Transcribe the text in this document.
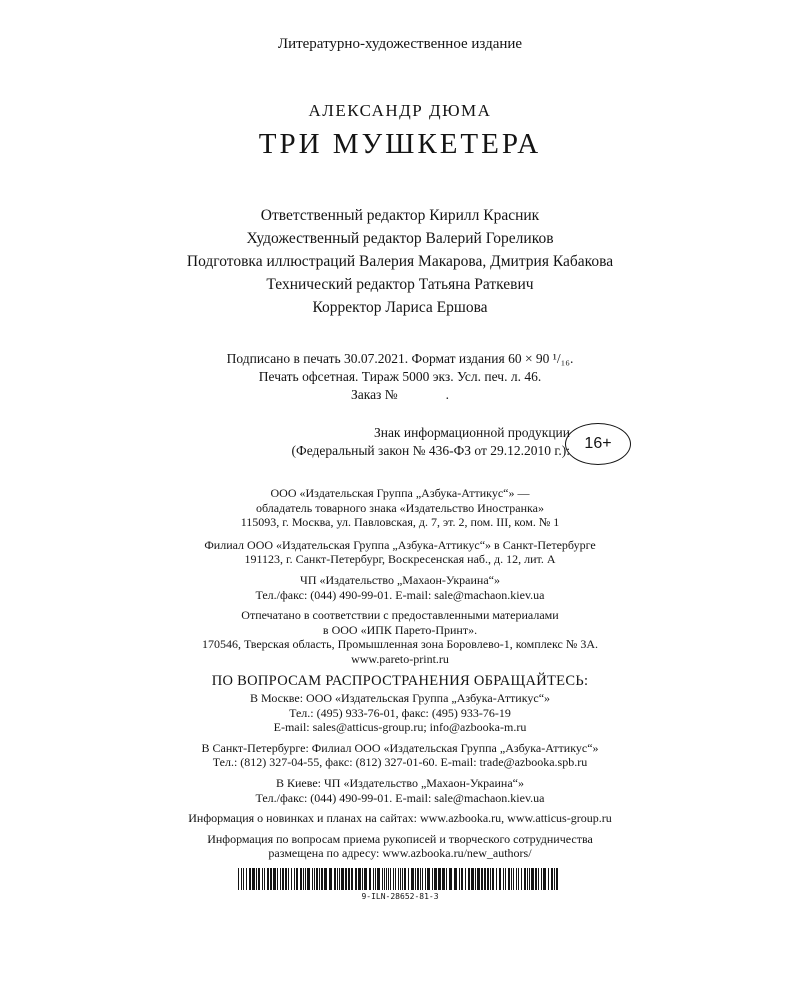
Литературно-художественное издание
АЛЕКСАНДР ДЮМА
ТРИ МУШКЕТЕРА
Ответственный редактор Кирилл Красник
Художественный редактор Валерий Гореликов
Подготовка иллюстраций Валерия Макарова, Дмитрия Кабакова
Технический редактор Татьяна Раткевич
Корректор Лариса Ершова
Подписано в печать 30.07.2021. Формат издания 60 × 90 ¹/₁₆.
Печать офсетная. Тираж 5000 экз. Усл. печ. л. 46.
Заказ №	.
Знак информационной продукции
(Федеральный закон № 436-ФЗ от 29.12.2010 г.): 16+
ООО «Издательская Группа „Азбука-Аттикус“» —
обладатель товарного знака «Издательство Иностранка»
115093, г. Москва, ул. Павловская, д. 7, эт. 2, пом. III, ком. № 1
Филиал ООО «Издательская Группа „Азбука-Аттикус“» в Санкт-Петербурге
191123, г. Санкт-Петербург, Воскресенская наб., д. 12, лит. А
ЧП «Издательство „Махаон-Украина“»
Тел./факс: (044) 490-99-01. E-mail: sale@machaon.kiev.ua
Отпечатано в соответствии с предоставленными материалами
в ООО «ИПК Парето-Принт».
170546, Тверская область, Промышленная зона Боровлево-1, комплекс № 3А.
www.pareto-print.ru
ПО ВОПРОСАМ РАСПРОСТРАНЕНИЯ ОБРАЩАЙТЕСЬ:
В Москве: ООО «Издательская Группа „Азбука-Аттикус“»
Тел.: (495) 933-76-01, факс: (495) 933-76-19
E-mail: sales@atticus-group.ru; info@azbooka-m.ru
В Санкт-Петербурге: Филиал ООО «Издательская Группа „Азбука-Аттикус“»
Тел.: (812) 327-04-55, факс: (812) 327-01-60. E-mail: trade@azbooka.spb.ru
В Киеве: ЧП «Издательство „Махаон-Украина“»
Тел./факс: (044) 490-99-01. E-mail: sale@machaon.kiev.ua
Информация о новинках и планах на сайтах: www.azbooka.ru, www.atticus-group.ru
Информация по вопросам приема рукописей и творческого сотрудничества
размещена по адресу: www.azbooka.ru/new_authors/
9-ILN-28652-81-3
